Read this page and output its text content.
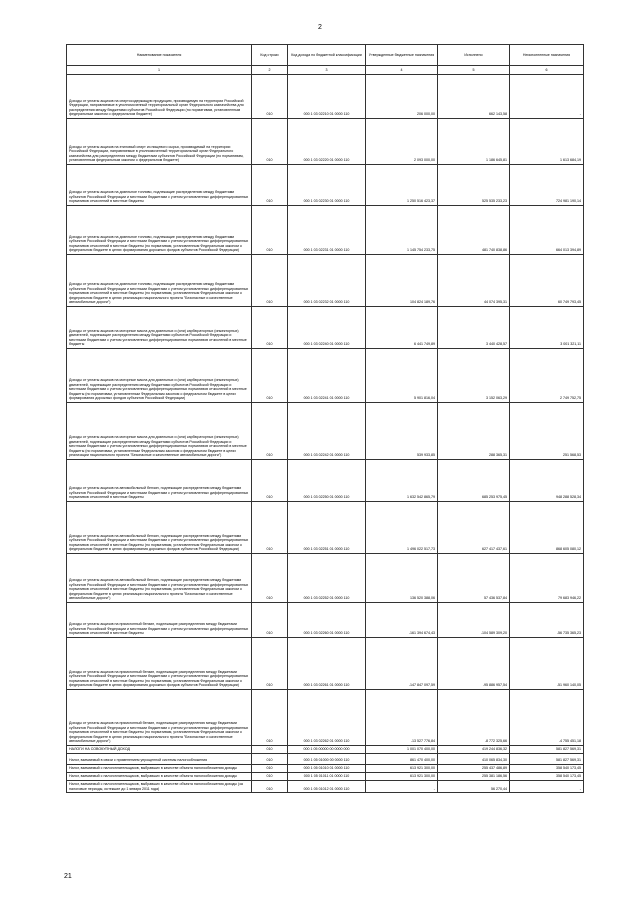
2
Наименование показателя	Код строки	Код дохода по бюджетной классификации	Утвержденные бюджетные назначения	Исполнено	Неисполненные назначения
1	2	3	4	5	6
Доходы от уплаты акцизов на спиртосодержащую продукцию, производимую на территории Российской Федерации, направляемые в уполномоченный территориальный орган Федерального казначейства для распределения между бюджетами субъектов Российской Федерации (по нормативам, установленным федеральным законом о федеральном бюджете)	010	000 1 03 02210 01 0000 110	206 000,00	662 143,58	-
Доходы от уплаты акцизов на этиловый спирт из пищевого сырья, производимый на территории Российской Федерации, направляемые в уполномоченный территориальный орган Федерального казначейства для распределения между бюджетами субъектов Российской Федерации (по нормативам, установленным федеральным законом о федеральном бюджете)	010	000 1 03 02220 01 0000 110	2 093 000,00	1 186 645,81	1 613 684,19
Доходы от уплаты акцизов на дизельное топливо, подлежащие распределению между бюджетами субъектов Российской Федерации и местными бюджетами с учетом установленных дифференцированных нормативов отчислений в местные бюджеты	010	000 1 03 02230 01 0000 110	1 250 516 423,37	525 535 233,23	724 981 190,14
Доходы от уплаты акцизов на дизельное топливо, подлежащие распределению между бюджетами субъектов Российской Федерации и местными бюджетами с учетом установленных дифференцированных нормативов отчислений в местные бюджеты (по нормативам, установленным Федеральным законом о федеральном бюджете в целях формирования дорожных фондов субъектов Российской Федерации)	010	000 1 03 02231 01 0000 110	1 145 754 233,75	481 740 838,86	664 013 394,89
Доходы от уплаты акцизов на дизельное топливо, подлежащие распределению между бюджетами субъектов Российской Федерации и местными бюджетами с учетом установленных дифференцированных нормативов отчислений в местные бюджеты (по нормативам, установленным Федеральным законом о федеральном бюджете в целях реализации национального проекта "Безопасные и качественные автомобильные дороги")	010	000 1 03 02232 01 0000 110	104 824 189,76	44 074 395,31	60 749 793,45
Доходы от уплаты акцизов на моторные масла для дизельных и (или) карбюраторных (инжекторных) двигателей, подлежащие распределению между бюджетами субъектов Российской Федерации и местными бюджетами с учетом установленных дифференцированных нормативов отчислений в местные бюджеты	010	000 1 03 02240 01 0000 110	6 441 749,89	3 440 428,57	3 001 321,11
Доходы от уплаты акцизов на моторные масла для дизельных и (или) карбюраторных (инжекторных) двигателей, подлежащие распределению между бюджетами субъектов Российской Федерации и местными бюджетами с учетом установленных дифференцированных нормативов отчислений в местные бюджеты (по нормативам, установленным Федеральным законом о федеральном бюджете в целях формирования дорожных фондов субъектов Российской Федерации)	010	000 1 03 02241 01 0000 110	5 901 816,04	3 152 063,29	2 749 752,75
Доходы от уплаты акцизов на моторные масла для дизельных и (или) карбюраторных (инжекторных) двигателей, подлежащие распределению между бюджетами субъектов Российской Федерации и местными бюджетами с учетом установленных дифференцированных нормативов отчислений в местные бюджеты (по нормативам, установленным Федеральным законом о федеральном бюджете в целях реализации национального проекта "Безопасные и качественные автомобильные дороги")	010	000 1 03 02242 01 0000 110	539 933,85	288 365,31	251 568,53
Доходы от уплаты акцизов на автомобильный бензин, подлежащие распределению между бюджетами субъектов Российской Федерации и местными бюджетами с учетом установленных дифференцированных нормативов отчислений в местные бюджеты	010	000 1 03 02250 01 0000 110	1 632 542 865,79	685 253 975,45	948 288 528,34
Доходы от уплаты акцизов на автомобильный бензин, подлежащие распределению между бюджетами субъектов Российской Федерации и местными бюджетами с учетом установленных дифференцированных нормативов отчислений в местные бюджеты (по нормативам, установленным Федеральным законом о федеральном бюджете в целях формирования дорожных фондов субъектов Российской Федерации)	010	000 1 03 02251 01 0000 110	1 496 022 517,73	627 417 437,61	868 605 080,12
Доходы от уплаты акцизов на автомобильный бензин, подлежащие распределению между бюджетами субъектов Российской Федерации и местными бюджетами с учетом установленных дифференцированных нормативов отчислений в местные бюджеты (по нормативам, установленным Федеральным законом о федеральном бюджете в целях реализации национального проекта "Безопасные и качественные автомобильные дороги")	010	000 1 03 02252 01 0000 110	136 520 388,06	57 436 537,84	79 683 946,22
Доходы от уплаты акцизов на прямогонный бензин, подлежащие распределению между бюджетами субъектов Российской Федерации и местными бюджетами с учетом установленных дифференцированных нормативов отчислений в местные бюджеты	010	000 1 03 02260 01 0000 110	-161 394 674,43	-104 589 309,20	-56 735 365,23
Доходы от уплаты акцизов на прямогонный бензин, подлежащие распределению между бюджетами субъектов Российской Федерации и местными бюджетами с учетом установленных дифференцированных нормативов отчислений в местные бюджеты (по нормативам, установленным Федеральным законом о федеральном бюджете в целях формирования дорожных фондов субъектов Российской Федерации)	010	000 1 03 02261 01 0000 110	-147 847 097,59	-95 886 957,54	-51 960 140,05
Доходы от уплаты акцизов на прямогонный бензин, подлежащие распределению между бюджетами субъектов Российской Федерации и местными бюджетами с учетом установленных дифференцированных нормативов отчислений в местные бюджеты (по нормативам, установленным Федеральным законом о федеральном бюджете в целях реализации национального проекта "Безопасные и качественные автомобильные дороги")	010	000 1 03 02262 01 0000 110	-13 527 776,84	-8 772 325,66	-4 755 451,18
НАЛОГИ НА СОВОКУПНЫЙ ДОХОД	010	000 1 05 00000 00 0000 000	1 001 070 400,00	419 244 836,32	581 827 569,31
Налог, взимаемый в связи с применением упрощенной системы налогообложения	010	000 1 05 01000 00 0000 110	861 470 400,00	410 065 834,30	581 827 569,31
Налог, взимаемый с налогоплательщиков, выбравших в качестве объекта налогообложения доходы	010	000 1 05 01010 01 0000 110	613 921 300,00	255 437 486,89	358 540 173,45
Налог, взимаемый с налогоплательщиков, выбравших в качестве объекта налогообложения доходы	010	000 1 05 01011 01 0000 110	613 921 300,00	255 381 186,56	358 540 173,45
Налог, взимаемый с налогоплательщиков, выбравших в качестве объекта налогообложения доходы (за налоговые периоды, истекшие до 1 января 2011 года)	010	000 1 05 01012 01 0000 110	-	56 270,44	-
21
